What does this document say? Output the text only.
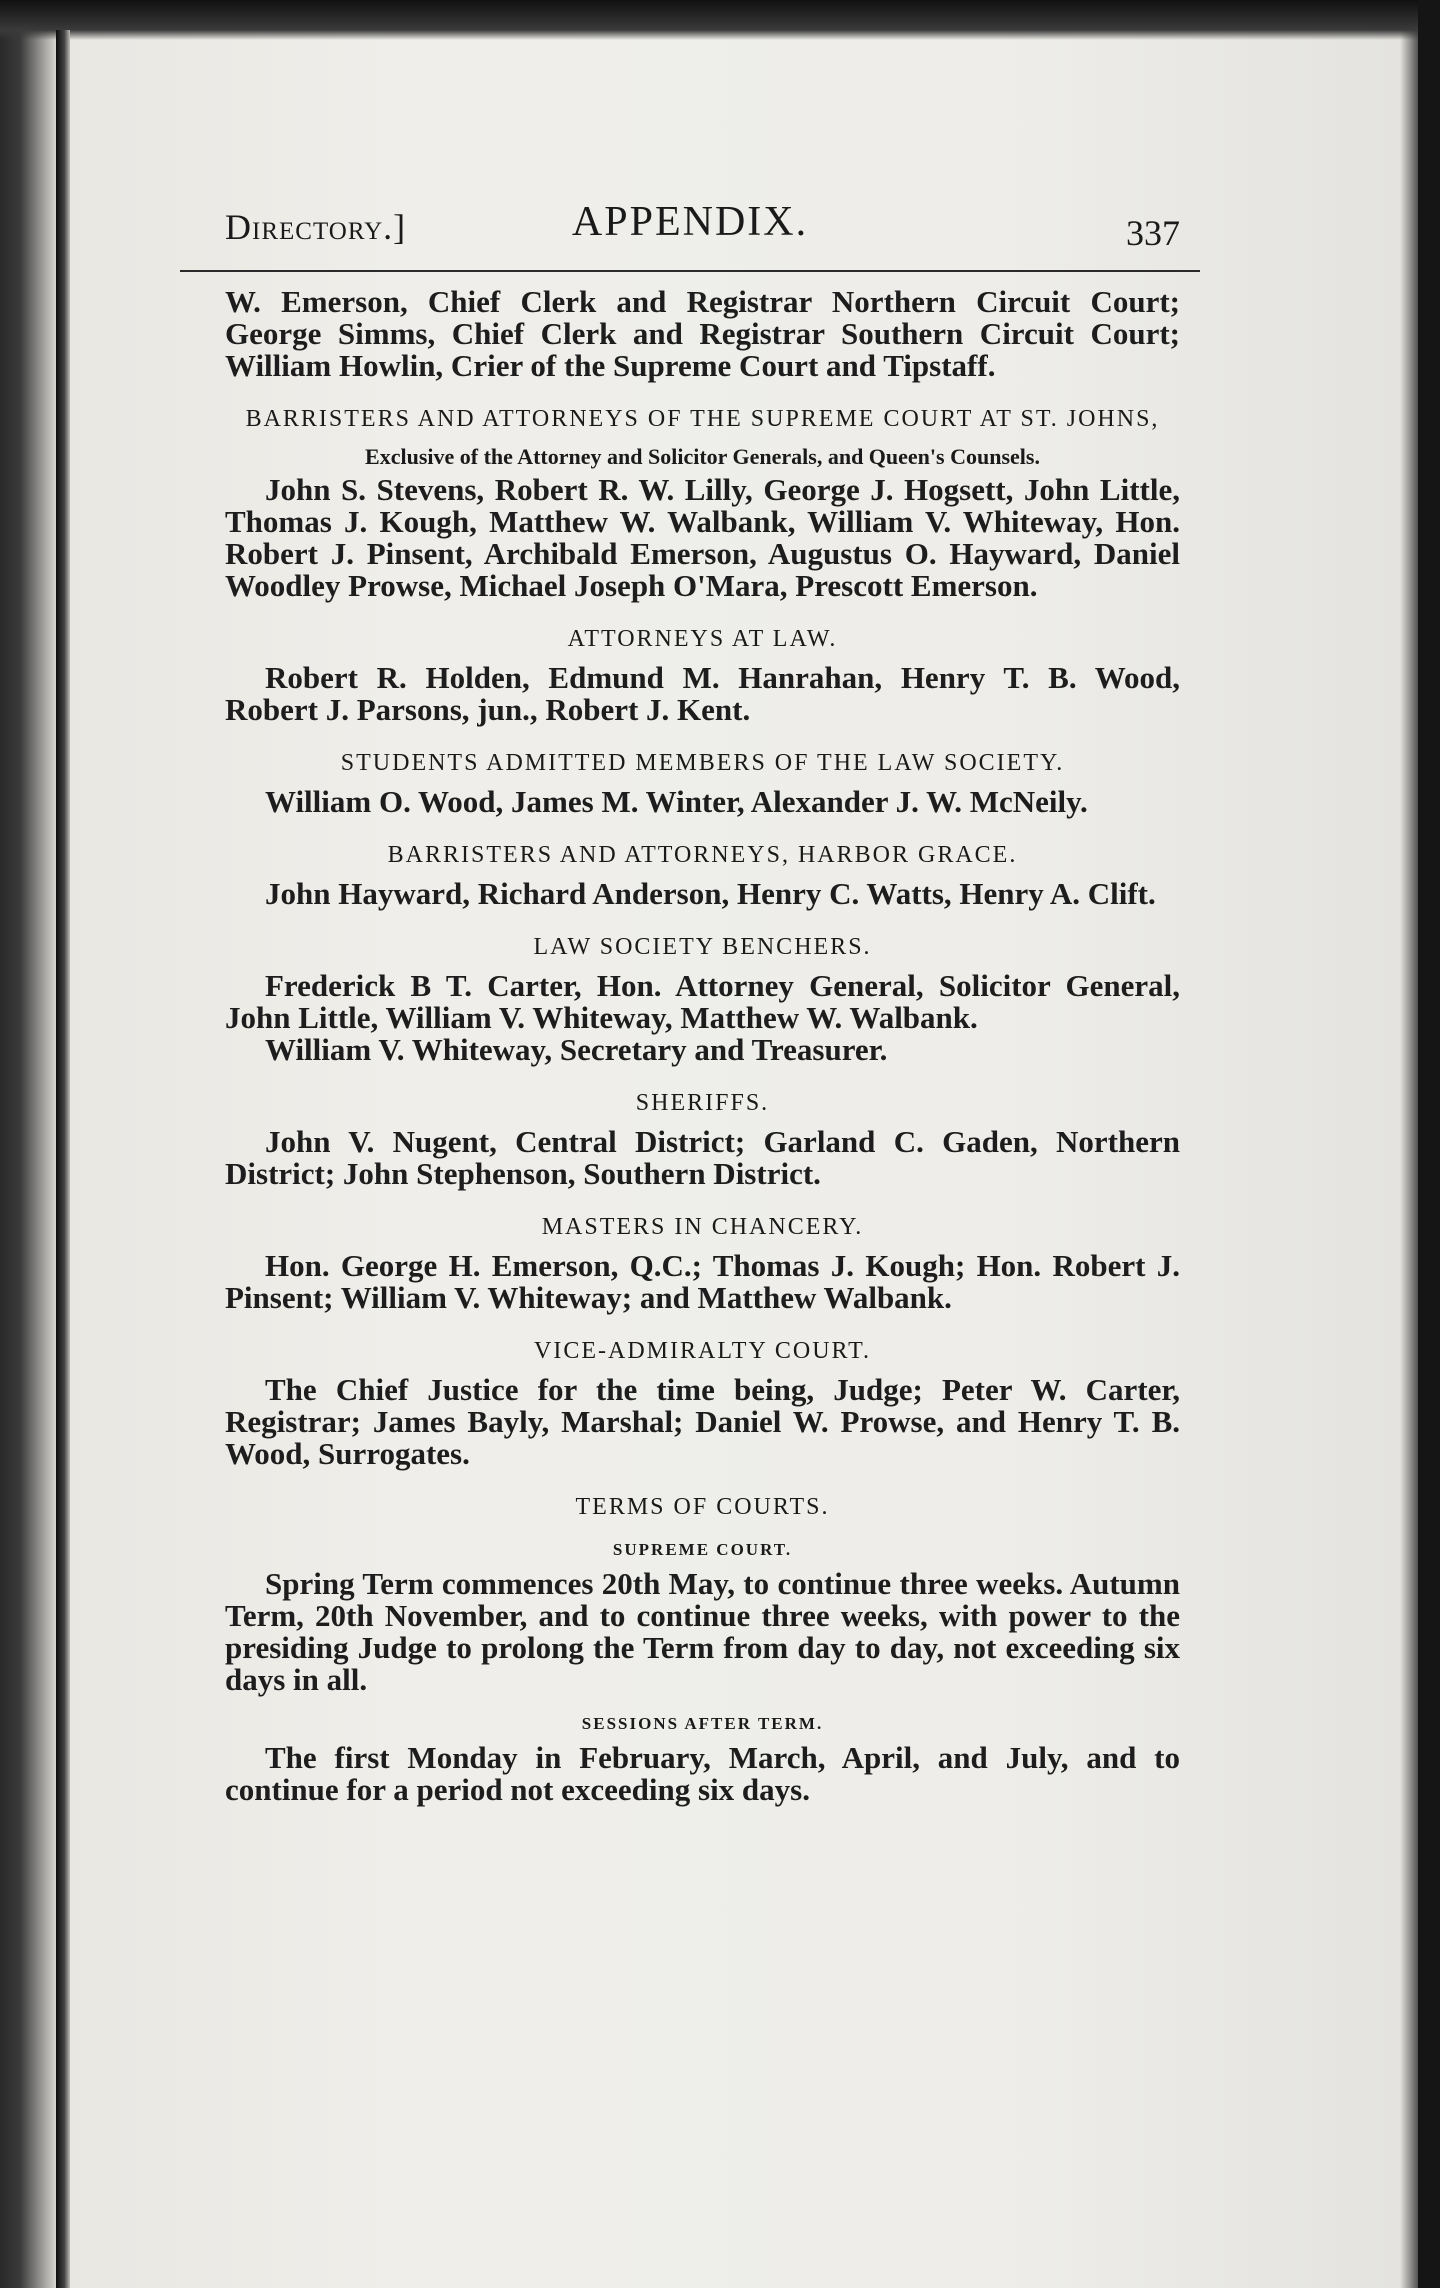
Directory.]	APPENDIX.	337

W. Emerson, Chief Clerk and Registrar Northern Circuit Court; George Simms, Chief Clerk and Registrar Southern Circuit Court; William Howlin, Crier of the Supreme Court and Tipstaff.

BARRISTERS AND ATTORNEYS OF THE SUPREME COURT AT ST. JOHNS,
Exclusive of the Attorney and Solicitor Generals, and Queen's Counsels.

John S. Stevens, Robert R. W. Lilly, George J. Hogsett, John Little, Thomas J. Kough, Matthew W. Walbank, William V. Whiteway, Hon. Robert J. Pinsent, Archibald Emerson, Augustus O. Hayward, Daniel Woodley Prowse, Michael Joseph O'Mara, Prescott Emerson.

ATTORNEYS AT LAW.

Robert R. Holden, Edmund M. Hanrahan, Henry T. B. Wood, Robert J. Parsons, jun., Robert J. Kent.

STUDENTS ADMITTED MEMBERS OF THE LAW SOCIETY.

William O. Wood, James M. Winter, Alexander J. W. McNeily.

BARRISTERS AND ATTORNEYS, HARBOR GRACE.

John Hayward, Richard Anderson, Henry C. Watts, Henry A. Clift.

LAW SOCIETY BENCHERS.

Frederick B T. Carter, Hon. Attorney General, Solicitor General, John Little, William V. Whiteway, Matthew W. Walbank.

William V. Whiteway, Secretary and Treasurer.

SHERIFFS.

John V. Nugent, Central District; Garland C. Gaden, Northern District; John Stephenson, Southern District.

MASTERS IN CHANCERY.

Hon. George H. Emerson, Q.C.; Thomas J. Kough; Hon. Robert J. Pinsent; William V. Whiteway; and Matthew Walbank.

VICE-ADMIRALTY COURT.

The Chief Justice for the time being, Judge; Peter W. Carter, Registrar; James Bayly, Marshal; Daniel W. Prowse, and Henry T. B. Wood, Surrogates.

TERMS OF COURTS.
SUPREME COURT.

Spring Term commences 20th May, to continue three weeks. Autumn Term, 20th November, and to continue three weeks, with power to the presiding Judge to prolong the Term from day to day, not exceeding six days in all.

SESSIONS AFTER TERM.

The first Monday in February, March, April, and July, and to continue for a period not exceeding six days.
